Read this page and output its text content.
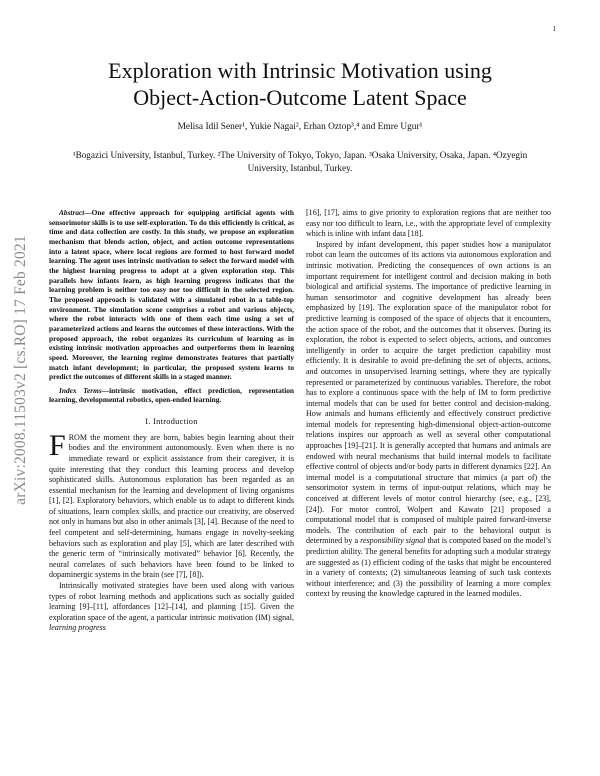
1
arXiv:2008.11503v2 [cs.RO] 17 Feb 2021
Exploration with Intrinsic Motivation using
Object-Action-Outcome Latent Space
Melisa Idil Sener¹, Yukie Nagai², Erhan Oztop³,⁴ and Emre Ugur¹
¹Bogazici University, Istanbul, Turkey. ²The University of Tokyo, Tokyo, Japan. ³Osaka University, Osaka, Japan. ⁴Ozyegin University, Istanbul, Turkey.

Abstract—One effective approach for equipping artificial agents with sensorimotor skills is to use self-exploration. To do this efficiently is critical, as time and data collection are costly. In this study, we propose an exploration mechanism that blends action, object, and action outcome representations into a latent space, where local regions are formed to host forward model learning. The agent uses intrinsic motivation to select the forward model with the highest learning progress to adopt at a given exploration step. This parallels how infants learn, as high learning progress indicates that the learning problem is neither too easy nor too difficult in the selected region. The proposed approach is validated with a simulated robot in a table-top environment. The simulation scene comprises a robot and various objects, where the robot interacts with one of them each time using a set of parameterized actions and learns the outcomes of these interactions. With the proposed approach, the robot organizes its curriculum of learning as in existing intrinsic motivation approaches and outperforms them in learning speed. Moreover, the learning regime demonstrates features that partially match infant development; in particular, the proposed system learns to predict the outcomes of different skills in a staged manner.

Index Terms—intrinsic motivation, effect prediction, representation learning, developmental robotics, open-ended learning.

I. Introduction

FROM the moment they are born, babies begin learning about their bodies and the environment autonomously. Even when there is no immediate reward or explicit assistance from their caregiver, it is quite interesting that they conduct this learning process and develop sophisticated skills. Autonomous exploration has been regarded as an essential mechanism for the learning and development of living organisms [1], [2]. Exploratory behaviors, which enable us to adapt to different kinds of situations, learn complex skills, and practice our creativity, are observed not only in humans but also in other animals [3], [4]. Because of the need to feel competent and self-determining, humans engage in novelty-seeking behaviors such as exploration and play [5], which are later described with the generic term of “intrinsically motivated” behavior [6]. Recently, the neural correlates of such behaviors have been found to be linked to dopaminergic systems in the brain (see [7], [8]).

Intrinsically motivated strategies have been used along with various types of robot learning methods and applications such as socially guided learning [9]–[11], affordances [12]–[14], and planning [15]. Given the exploration space of the agent, a particular intrinsic motivation (IM) signal, learning progress

[16], [17], aims to give priority to exploration regions that are neither too easy nor too difficult to learn, i.e., with the appropriate level of complexity which is inline with infant data [18].

Inspired by infant development, this paper studies how a manipulator robot can learn the outcomes of its actions via autonomous exploration and intrinsic motivation. Predicting the consequences of own actions is an important requirement for intelligent control and decision making in both biological and artificial systems. The importance of predictive learning in human sensorimotor and cognitive development has already been emphasized by [19]. The exploration space of the manipulator robot for predictive learning is composed of the space of objects that it encounters, the action space of the robot, and the outcomes that it observes. During its exploration, the robot is expected to select objects, actions, and outcomes intelligently in order to acquire the target prediction capability most efficiently. It is desirable to avoid pre-defining the set of objects, actions, and outcomes in unsupervised learning settings, where they are typically represented or parameterized by continuous variables. Therefore, the robot has to explore a continuous space with the help of IM to form predictive internal models that can be used for better control and decision-making. How animals and humans efficiently and effectively construct predictive internal models for representing high-dimensional object-action-outcome relations inspires our approach as well as several other computational approaches [19]–[21]. It is generally accepted that humans and animals are endowed with neural mechanisms that build internal models to facilitate effective control of objects and/or body parts in different dynamics [22]. An internal model is a computational structure that mimics (a part of) the sensorimotor system in terms of input-output relations, which may be conceived at different levels of motor control hierarchy (see, e.g., [23], [24]). For motor control, Wolpert and Kawato [21] proposed a computational model that is composed of multiple paired forward-inverse models. The contribution of each pair to the behavioral output is determined by a responsibility signal that is computed based on the model’s prediction ability. The general benefits for adopting such a modular strategy are suggested as (1) efficient coding of the tasks that might be encountered in a variety of contexts; (2) simultaneous learning of such task contexts without interference; and (3) the possibility of learning a more complex context by reusing the knowledge captured in the learned modules.
